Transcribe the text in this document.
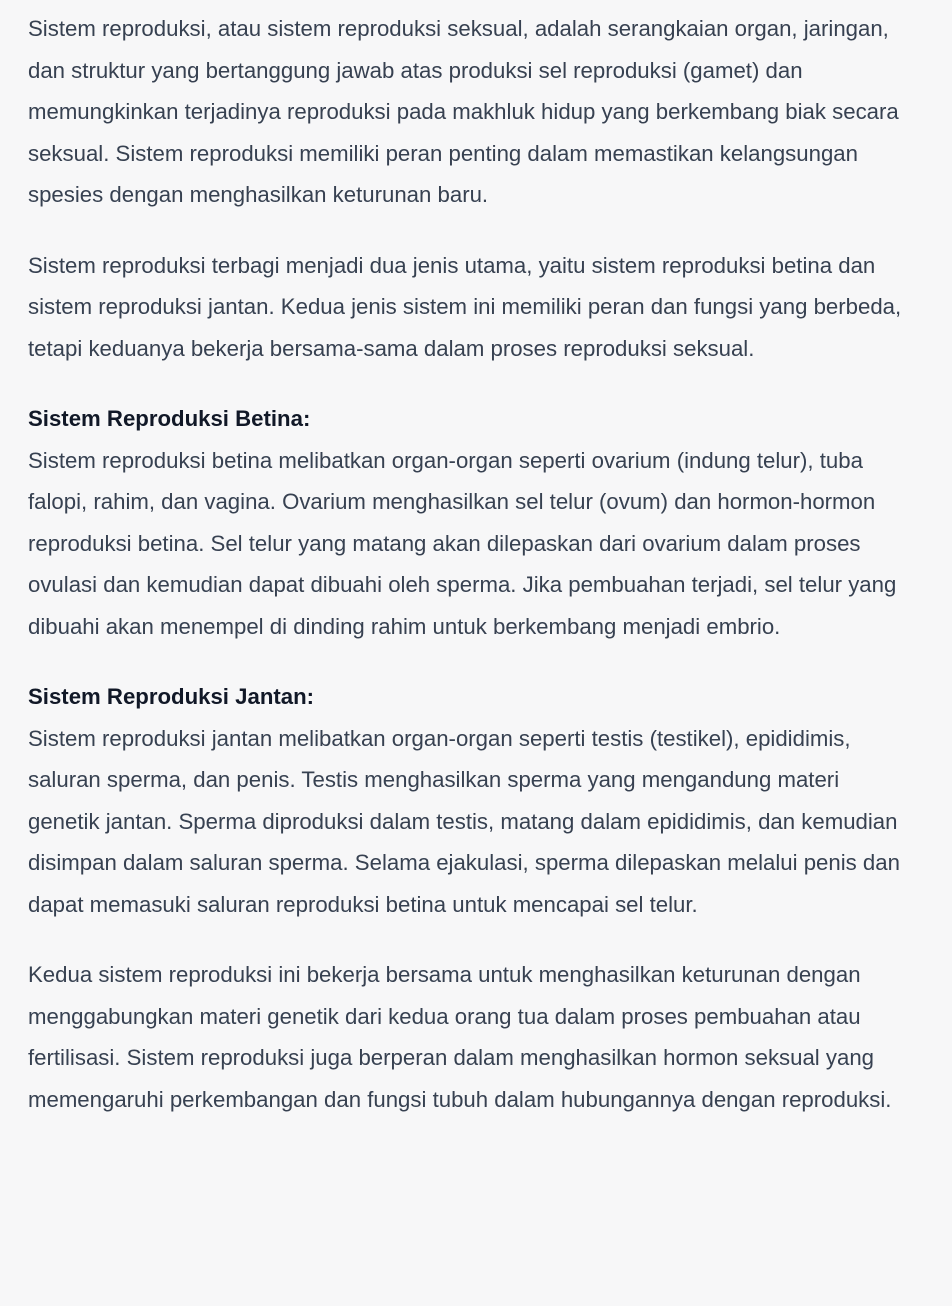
Sistem reproduksi, atau sistem reproduksi seksual, adalah serangkaian organ, jaringan, dan struktur yang bertanggung jawab atas produksi sel reproduksi (gamet) dan memungkinkan terjadinya reproduksi pada makhluk hidup yang berkembang biak secara seksual. Sistem reproduksi memiliki peran penting dalam memastikan kelangsungan spesies dengan menghasilkan keturunan baru.

Sistem reproduksi terbagi menjadi dua jenis utama, yaitu sistem reproduksi betina dan sistem reproduksi jantan. Kedua jenis sistem ini memiliki peran dan fungsi yang berbeda, tetapi keduanya bekerja bersama-sama dalam proses reproduksi seksual.

Sistem Reproduksi Betina:
Sistem reproduksi betina melibatkan organ-organ seperti ovarium (indung telur), tuba falopi, rahim, dan vagina. Ovarium menghasilkan sel telur (ovum) dan hormon-hormon reproduksi betina. Sel telur yang matang akan dilepaskan dari ovarium dalam proses ovulasi dan kemudian dapat dibuahi oleh sperma. Jika pembuahan terjadi, sel telur yang dibuahi akan menempel di dinding rahim untuk berkembang menjadi embrio.

Sistem Reproduksi Jantan:
Sistem reproduksi jantan melibatkan organ-organ seperti testis (testikel), epididimis, saluran sperma, dan penis. Testis menghasilkan sperma yang mengandung materi genetik jantan. Sperma diproduksi dalam testis, matang dalam epididimis, dan kemudian disimpan dalam saluran sperma. Selama ejakulasi, sperma dilepaskan melalui penis dan dapat memasuki saluran reproduksi betina untuk mencapai sel telur.

Kedua sistem reproduksi ini bekerja bersama untuk menghasilkan keturunan dengan menggabungkan materi genetik dari kedua orang tua dalam proses pembuahan atau fertilisasi. Sistem reproduksi juga berperan dalam menghasilkan hormon seksual yang memengaruhi perkembangan dan fungsi tubuh dalam hubungannya dengan reproduksi.
